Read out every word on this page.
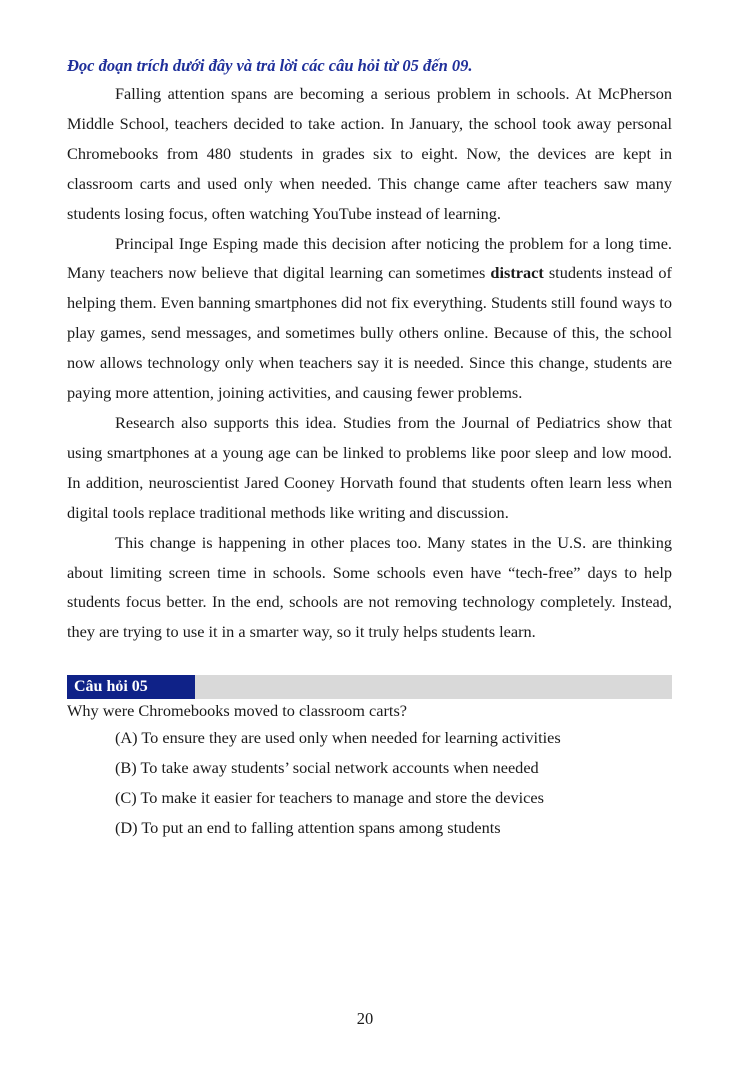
Đọc đoạn trích dưới đây và trả lời các câu hỏi từ 05 đến 09.

Falling attention spans are becoming a serious problem in schools. At McPherson Middle School, teachers decided to take action. In January, the school took away personal Chromebooks from 480 students in grades six to eight. Now, the devices are kept in classroom carts and used only when needed. This change came after teachers saw many students losing focus, often watching YouTube instead of learning.

Principal Inge Esping made this decision after noticing the problem for a long time. Many teachers now believe that digital learning can sometimes distract students instead of helping them. Even banning smartphones did not fix everything. Students still found ways to play games, send messages, and sometimes bully others online. Because of this, the school now allows technology only when teachers say it is needed. Since this change, students are paying more attention, joining activities, and causing fewer problems.

Research also supports this idea. Studies from the Journal of Pediatrics show that using smartphones at a young age can be linked to problems like poor sleep and low mood. In addition, neuroscientist Jared Cooney Horvath found that students often learn less when digital tools replace traditional methods like writing and discussion.

This change is happening in other places too. Many states in the U.S. are thinking about limiting screen time in schools. Some schools even have “tech-free” days to help students focus better. In the end, schools are not removing technology completely. Instead, they are trying to use it in a smarter way, so it truly helps students learn.

Câu hỏi 05

Why were Chromebooks moved to classroom carts?

(A) To ensure they are used only when needed for learning activities
(B) To take away students’ social network accounts when needed
(C) To make it easier for teachers to manage and store the devices
(D) To put an end to falling attention spans among students
20
